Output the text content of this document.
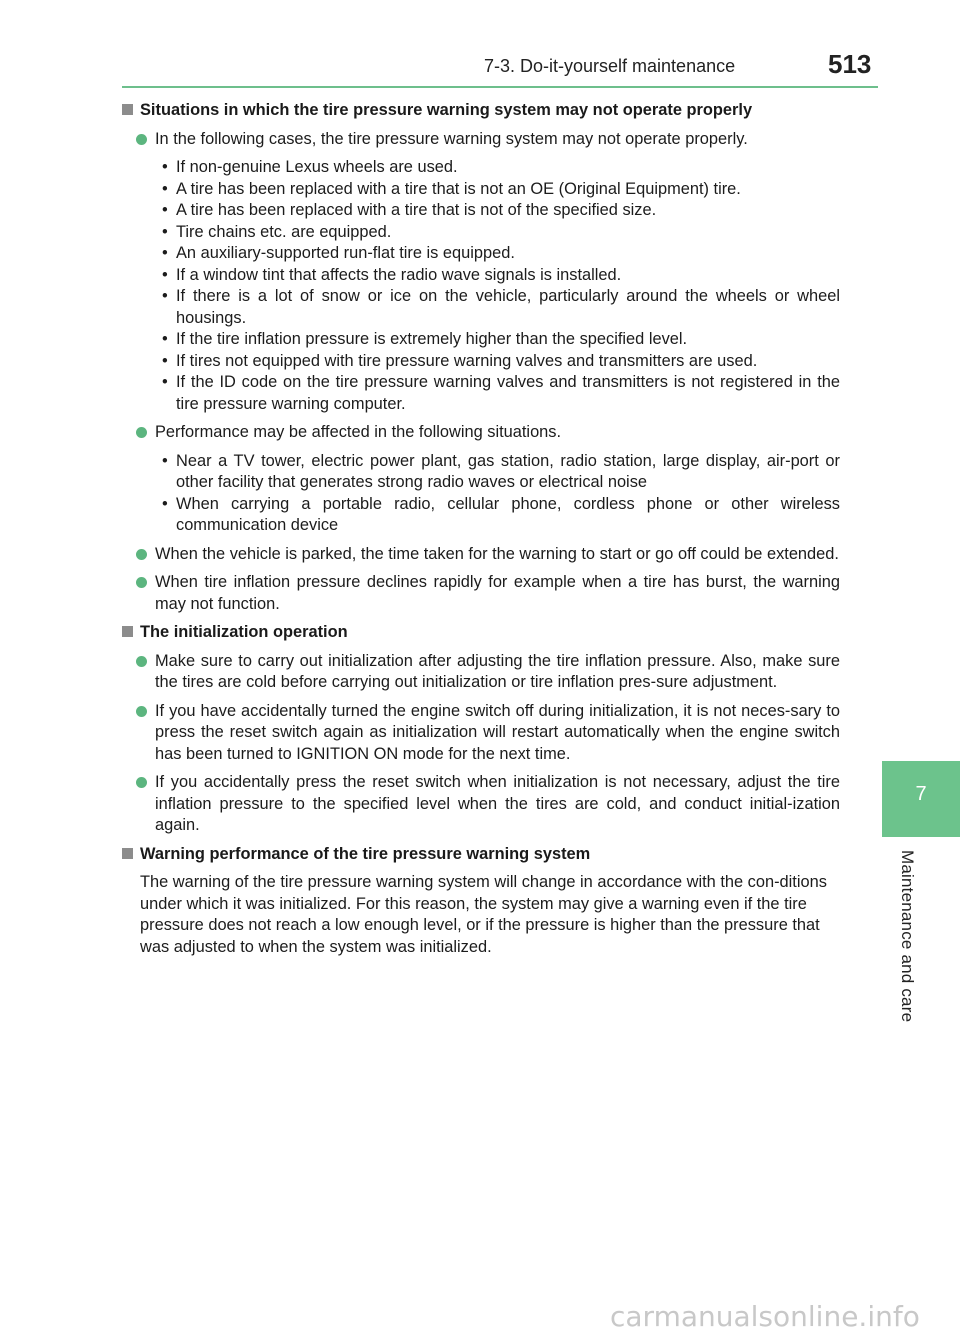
7-3. Do-it-yourself maintenance	513
7
Maintenance and care
Situations in which the tire pressure warning system may not operate properly
In the following cases, the tire pressure warning system may not operate properly.
• If non-genuine Lexus wheels are used.
• A tire has been replaced with a tire that is not an OE (Original Equipment) tire.
• A tire has been replaced with a tire that is not of the specified size.
• Tire chains etc. are equipped.
• An auxiliary-supported run-flat tire is equipped.
• If a window tint that affects the radio wave signals is installed.
• If there is a lot of snow or ice on the vehicle, particularly around the wheels or wheel housings.
• If the tire inflation pressure is extremely higher than the specified level.
• If tires not equipped with tire pressure warning valves and transmitters are used.
• If the ID code on the tire pressure warning valves and transmitters is not registered in the tire pressure warning computer.
Performance may be affected in the following situations.
• Near a TV tower, electric power plant, gas station, radio station, large display, air-port or other facility that generates strong radio waves or electrical noise
• When carrying a portable radio, cellular phone, cordless phone or other wireless communication device
When the vehicle is parked, the time taken for the warning to start or go off could be extended.
When tire inflation pressure declines rapidly for example when a tire has burst, the warning may not function.
The initialization operation
Make sure to carry out initialization after adjusting the tire inflation pressure. Also, make sure the tires are cold before carrying out initialization or tire inflation pres-sure adjustment.
If you have accidentally turned the engine switch off during initialization, it is not neces-sary to press the reset switch again as initialization will restart automatically when the engine switch has been turned to IGNITION ON mode for the next time.
If you accidentally press the reset switch when initialization is not necessary, adjust the tire inflation pressure to the specified level when the tires are cold, and conduct initial-ization again.
Warning performance of the tire pressure warning system
The warning of the tire pressure warning system will change in accordance with the con-ditions under which it was initialized. For this reason, the system may give a warning even if the tire pressure does not reach a low enough level, or if the pressure is higher than the pressure that was adjusted to when the system was initialized.
carmanualsonline.info
